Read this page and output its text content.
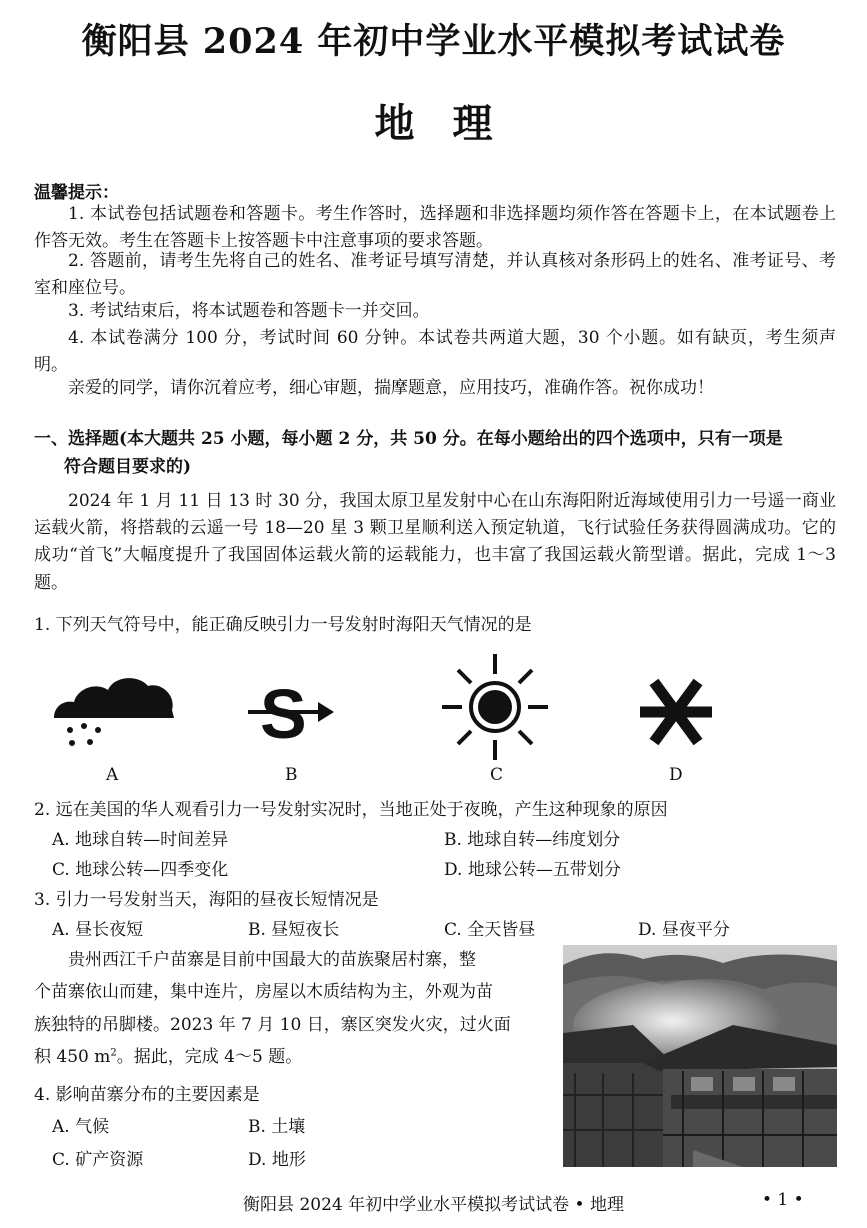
衡阳县 2024 年初中学业水平模拟考试试卷
地理
温馨提示：
1. 本试卷包括试题卷和答题卡。考生作答时，选择题和非选择题均须作答在答题卡上，在本试题卷上作答无效。考生在答题卡上按答题卡中注意事项的要求答题。
2. 答题前，请考生先将自己的姓名、准考证号填写清楚，并认真核对条形码上的姓名、准考证号、考室和座位号。
3. 考试结束后，将本试题卷和答题卡一并交回。
4. 本试卷满分 100 分，考试时间 60 分钟。本试卷共两道大题，30 个小题。如有缺页，考生须声明。
亲爱的同学，请你沉着应考，细心审题，揣摩题意，应用技巧，准确作答。祝你成功！
一、选择题(本大题共 25 小题，每小题 2 分，共 50 分。在每小题给出的四个选项中，只有一项是
符合题目要求的)
2024 年 1 月 11 日 13 时 30 分，我国太原卫星发射中心在山东海阳附近海域使用引力一号遥一商业运载火箭，将搭载的云遥一号 18—20 星 3 颗卫星顺利送入预定轨道，飞行试验任务获得圆满成功。它的成功“首飞”大幅度提升了我国固体运载火箭的运载能力，也丰富了我国运载火箭型谱。据此，完成 1～3 题。
1. 下列天气符号中，能正确反映引力一号发射时海阳天气情况的是
S
A	B	C	D
2. 远在美国的华人观看引力一号发射实况时，当地正处于夜晚，产生这种现象的原因
A. 地球自转—时间差异	B. 地球自转—纬度划分
C. 地球公转—四季变化	D. 地球公转—五带划分
3. 引力一号发射当天，海阳的昼夜长短情况是
A. 昼长夜短	B. 昼短夜长	C. 全天皆昼	D. 昼夜平分
贵州西江千户苗寨是目前中国最大的苗族聚居村寨，整
个苗寨依山而建，集中连片，房屋以木质结构为主，外观为苗
族独特的吊脚楼。2023 年 7 月 10 日，寨区突发火灾，过火面
积 450 $m^2$。据此，完成 4～5 题。
4. 影响苗寨分布的主要因素是
A. 气候	B. 土壤
C. 矿产资源	D. 地形
衡阳县 2024 年初中学业水平模拟考试试卷 • 地理	• 1 •
